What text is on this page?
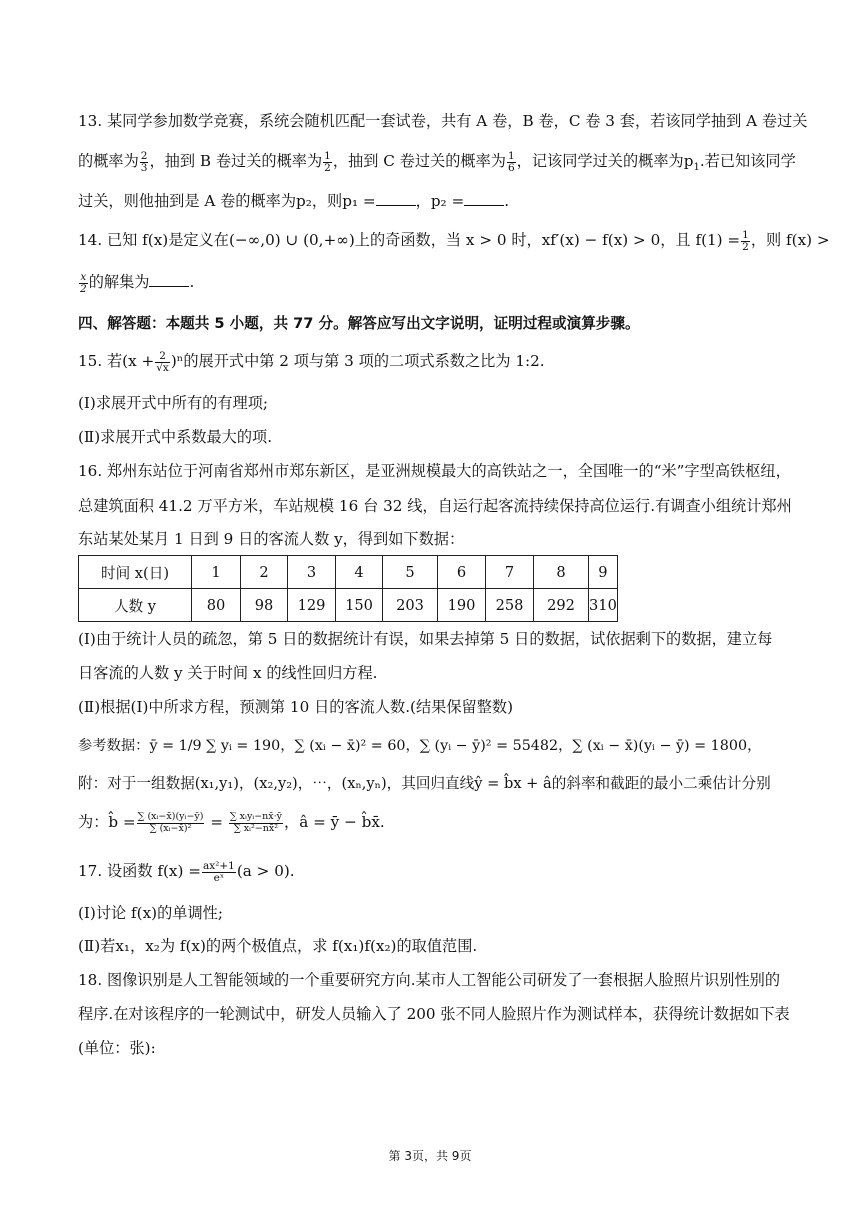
13. 某同学参加数学竞赛，系统会随机匹配一套试卷，共有 A 卷，B 卷，C 卷 3 套，若该同学抽到 A 卷过关
的概率为 $\frac{2}{3}$ ，抽到 B 卷过关的概率为 $\frac{1}{2}$ ，抽到 C 卷过关的概率为 $\frac{1}{6}$ ，记该同学过关的概率为$p_1$.若已知该同学
过关，则他抽到是 A 卷的概率为p₂，则p₁ =	，p₂ =	.
14. 已知 f(x)是定义在(−∞,0) ∪ (0,+∞)上的奇函数，当 x > 0 时，xf′(x) − f(x) > 0，且 $f(1) = \frac{1}{2}$ ，则 f(x) >
$\frac{x}{2}$ 的解集为	.
四、解答题：本题共 5 小题，共 77 分。解答应写出文字说明，证明过程或演算步骤。
15. 若$(x + \frac{2}{√x} )^n$的展开式中第 2 项与第 3 项的二项式系数之比为 1:2.
(Ⅰ)求展开式中所有的有理项;
(Ⅱ)求展开式中系数最大的项.
16. 郑州东站位于河南省郑州市郑东新区，是亚洲规模最大的高铁站之一，全国唯一的“米”字型高铁枢纽，
总建筑面积 41.2 万平方米，车站规模 16 台 32 线，自运行起客流持续保持高位运行.有调查小组统计郑州
东站某处某月 1 日到 9 日的客流人数 y，得到如下数据：
时间 x(日)	1	2	3	4	5	6	7	8	9
人数 y	80	98	129	150	203	190	258	292	310
(Ⅰ)由于统计人员的疏忽，第 5 日的数据统计有误，如果去掉第 5 日的数据，试依据剩下的数据，建立每
日客流的人数 y 关于时间 x 的线性回归方程.
(Ⅱ)根据(Ⅰ)中所求方程，预测第 10 日的客流人数.(结果保留整数)
参考数据：ȳ = 1/9 ∑ yᵢ = 190，∑ (xᵢ − x̄)² = 60，∑ (yᵢ − ȳ)² = 55482，∑ (xᵢ − x̄)(yᵢ − ȳ) = 1800，
附：对于一组数据(x₁,y₁)，(x₂,y₂)，⋯，(xₙ,yₙ)，其回归直线ŷ = b̂x + â的斜率和截距的最小二乘估计分别
为：b̂ = $\frac{\text{∑ (xᵢ−x̄)(yᵢ−ȳ)}}{\text{∑ (xᵢ−x̄)²}} = \frac{\text{∑ xᵢyᵢ−nx̄·ȳ}}{\text{∑ xᵢ²−nx̄²}}$ ，â = ȳ − b̂x̄.
17. 设函数 $f(x) = \frac{\text{ax²+1}}{\text{eˣ}} (a > 0)$.
(Ⅰ)讨论 f(x)的单调性;
(Ⅱ)若x₁，x₂为 f(x)的两个极值点，求 f(x₁)f(x₂)的取值范围.
18. 图像识别是人工智能领域的一个重要研究方向.某市人工智能公司研发了一套根据人脸照片识别性别的
程序.在对该程序的一轮测试中，研发人员输入了 200 张不同人脸照片作为测试样本，获得统计数据如下表
(单位：张):
第 3页，共 9页
